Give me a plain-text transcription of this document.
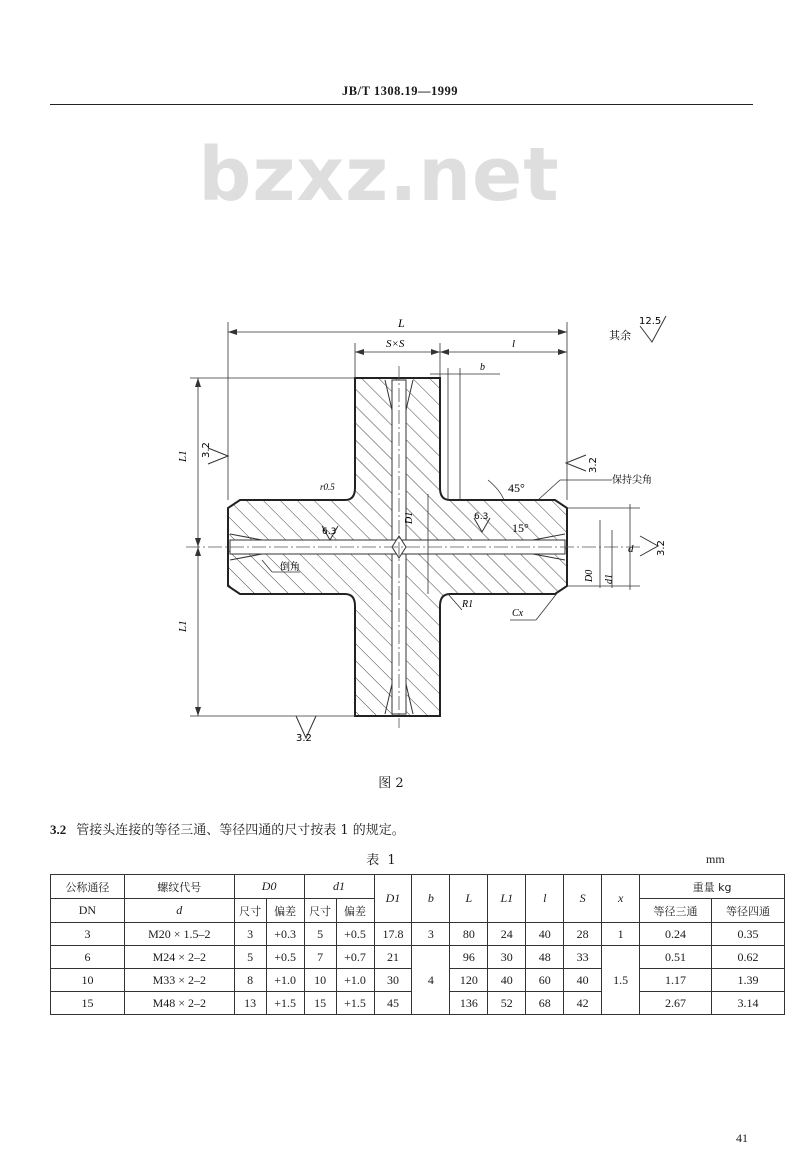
JB/T 1308.19—1999
bzxz.net
L
S×S	l
b
L1
L1
3.2
3.2
3.2
3.2
6.3
6.3
其余
12.5
D1
D0 d1
d
45°
15°
保持尖角
倒角
r0.5
R1
Cx
图 2
3.2 管接头连接的等径三通、等径四通的尺寸按表 1 的规定。
表 1	mm
公称通径	螺纹代号	D0		d1		D1	b	L	L1	l	S	x	重量 kg	
DN	d	尺寸	偏差	尺寸	偏差								等径三通	等径四通
3	M20 × 1.5–2	3	+0.3	5	+0.5	17.8	3	80	24	40	28	1	0.24	0.35
6	M24 × 2–2	5	+0.5	7	+0.7	21	4	96	30	48	33	1.5	0.51	0.62
10	M33 × 2–2	8	+1.0	10	+1.0	30		120	40	60	40		1.17	1.39
15	M48 × 2–2	13	+1.5	15	+1.5	45		136	52	68	42		2.67	3.14
41
